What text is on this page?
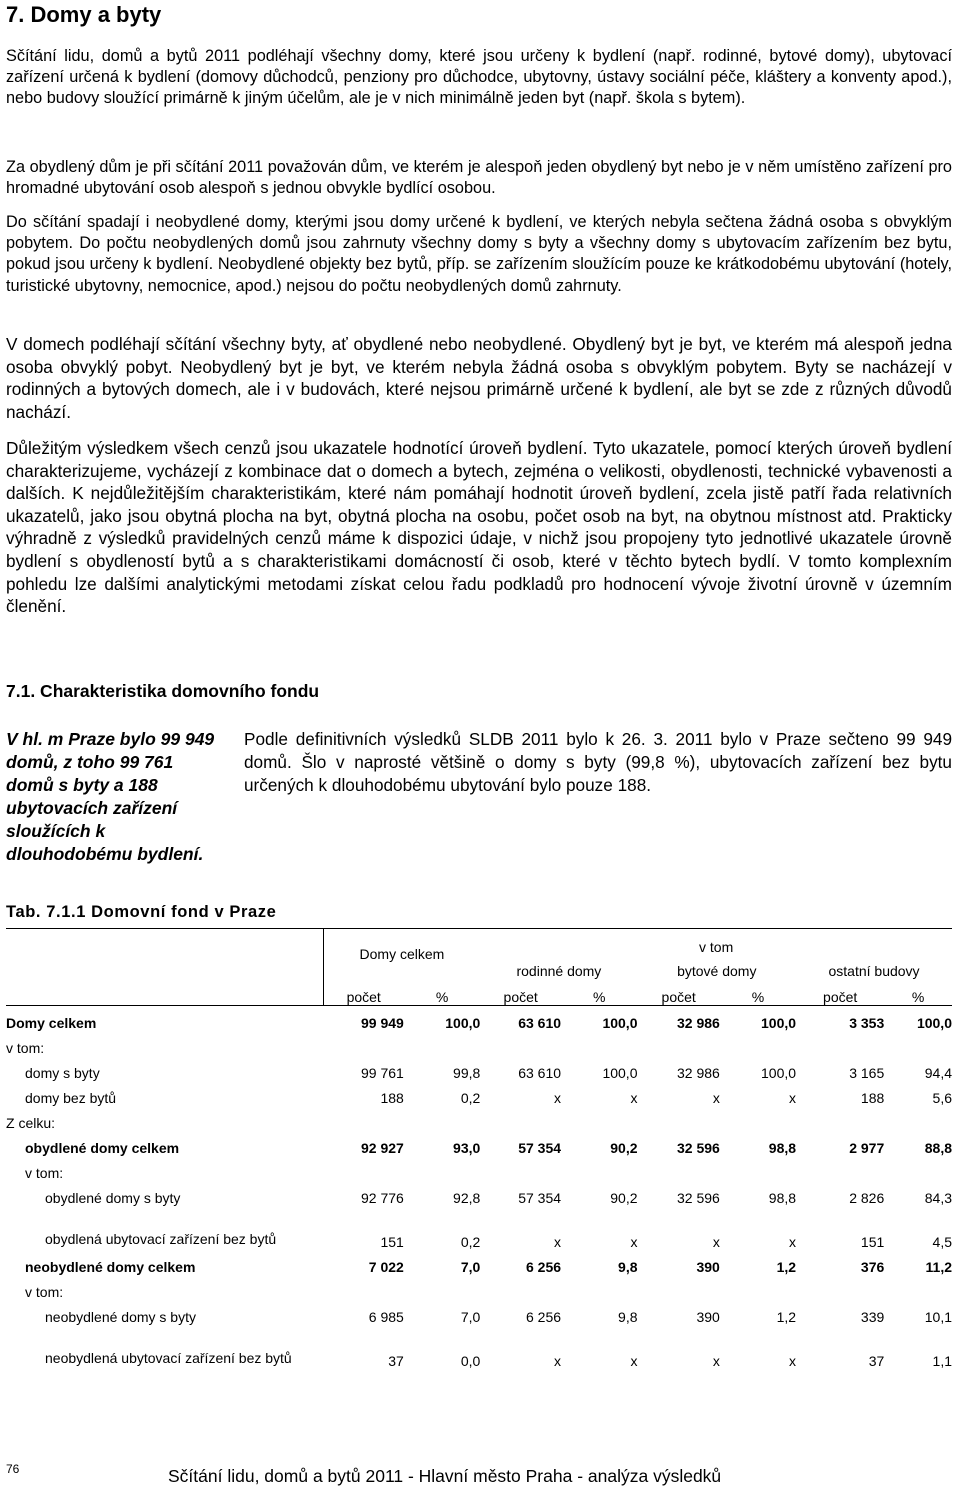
7. Domy a byty

Sčítání lidu, domů a bytů 2011 podléhají všechny domy, které jsou určeny k bydlení (např. rodinné, bytové domy), ubytovací zařízení určená k bydlení (domovy důchodců, penziony pro důchodce, ubytovny, ústavy sociální péče, kláštery a konventy apod.), nebo budovy sloužící primárně k jiným účelům, ale je v nich minimálně jeden byt (např. škola s bytem).

Za obydlený dům je při sčítání 2011 považován dům, ve kterém je alespoň jeden obydlený byt nebo je v něm umístěno zařízení pro hromadné ubytování osob alespoň s jednou obvykle bydlící osobou.

Do sčítání spadají i neobydlené domy, kterými jsou domy určené k bydlení, ve kterých nebyla sečtena žádná osoba s obvyklým pobytem. Do počtu neobydlených domů jsou zahrnuty všechny domy s byty a všechny domy s ubytovacím zařízením bez bytu, pokud jsou určeny k bydlení. Neobydlené objekty bez bytů, příp. se zařízením sloužícím pouze ke krátkodobému ubytování (hotely, turistické ubytovny, nemocnice, apod.) nejsou do počtu neobydlených domů zahrnuty.

V domech podléhají sčítání všechny byty, ať obydlené nebo neobydlené. Obydlený byt je byt, ve kterém má alespoň jedna osoba obvyklý pobyt. Neobydlený byt je byt, ve kterém nebyla žádná osoba s obvyklým pobytem. Byty se nacházejí v rodinných a bytových domech, ale i v budovách, které nejsou primárně určené k bydlení, ale byt se zde z různých důvodů nachází.

Důležitým výsledkem všech cenzů jsou ukazatele hodnotící úroveň bydlení. Tyto ukazatele, pomocí kterých úroveň bydlení charakterizujeme, vycházejí z kombinace dat o domech a bytech, zejména o velikosti, obydlenosti, technické vybavenosti a dalších. K nejdůležitějším charakteristikám, které nám pomáhají hodnotit úroveň bydlení, zcela jistě patří řada relativních ukazatelů, jako jsou obytná plocha na byt, obytná plocha na osobu, počet osob na byt, na obytnou místnost atd. Prakticky výhradně z výsledků pravidelných cenzů máme k dispozici údaje, v nichž jsou propojeny tyto jednotlivé ukazatele úrovně bydlení s obydleností bytů a s charakteristikami domácností či osob, které v těchto bytech bydlí. V tomto komplexním pohledu lze dalšími analytickými metodami získat celou řadu podkladů pro hodnocení vývoje životní úrovně v územním členění.

7.1. Charakteristika domovního fondu

V hl. m Praze bylo 99 949 domů, z toho 99 761 domů s byty a 188 ubytovacích zařízení sloužících k dlouhodobému bydlení.

Podle definitivních výsledků SLDB 2011 bylo k 26. 3. 2011 bylo v Praze sečteno 99 949 domů. Šlo v naprosté většině o domy s byty (99,8 %), ubytovacích zařízení bez bytu určených k dlouhodobému ubytování bylo pouze 188.

Tab. 7.1.1 Domovní fond v Praze

	Domy celkem		v tom					
			rodinné domy		bytové domy		ostatní budovy	
	počet	%	počet	%	počet	%	počet	%
Domy celkem	99 949	100,0	63 610	100,0	32 986	100,0	3 353	100,0
v tom:								
domy s byty	99 761	99,8	63 610	100,0	32 986	100,0	3 165	94,4
domy bez bytů	188	0,2	x	x	x	x	188	5,6
Z celku:								
obydlené domy celkem	92 927	93,0	57 354	90,2	32 596	98,8	2 977	88,8
v tom:								
obydlené domy s byty	92 776	92,8	57 354	90,2	32 596	98,8	2 826	84,3
obydlená ubytovací zařízení bez bytů	151	0,2	x	x	x	x	151	4,5
neobydlené domy celkem	7 022	7,0	6 256	9,8	390	1,2	376	11,2
v tom:								
neobydlené domy s byty	6 985	7,0	6 256	9,8	390	1,2	339	10,1
neobydlená ubytovací zařízení bez bytů	37	0,0	x	x	x	x	37	1,1

76	Sčítání lidu, domů a bytů 2011 - Hlavní město Praha - analýza výsledků
